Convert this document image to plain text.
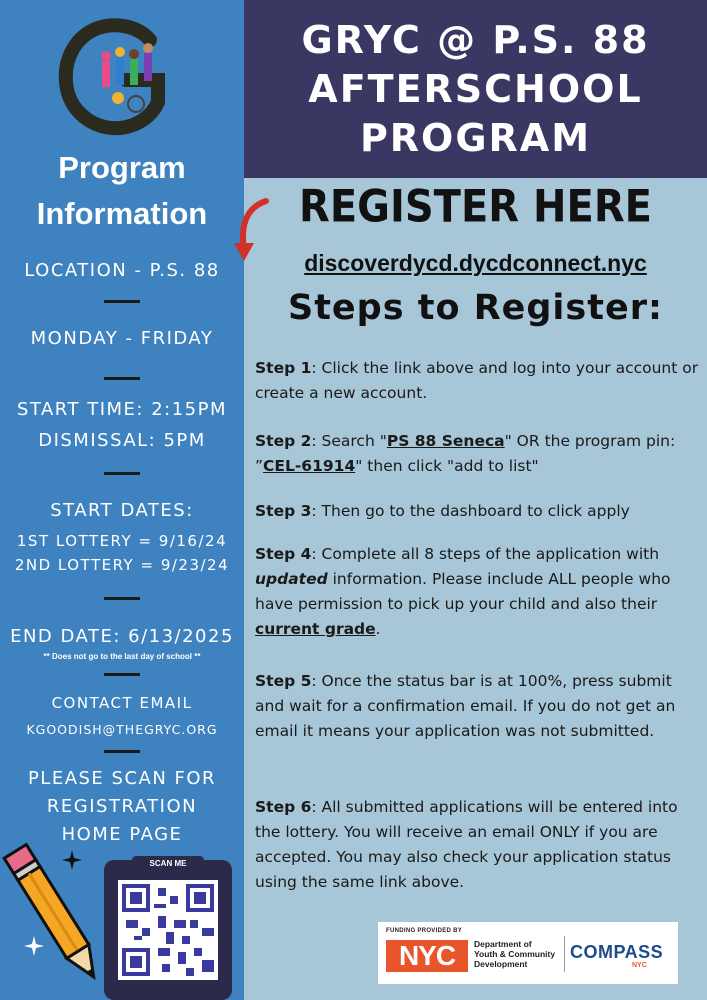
Program
Information
LOCATION - P.S. 88
MONDAY - FRIDAY
START TIME: 2:15PM
DISMISSAL: 5PM
START DATES:
1ST LOTTERY = 9/16/24
2ND LOTTERY = 9/23/24
END DATE: 6/13/2025
** Does not go to the last day of school **
CONTACT EMAIL
KGOODISH@THEGRYC.ORG
PLEASE SCAN FOR
REGISTRATION
HOME PAGE
SCAN ME
GRYC @ P.S. 88
AFTERSCHOOL
PROGRAM
REGISTER HERE
discoverdycd.dycdconnect.nyc
Steps to Register:
Step 1: Click the link above and log into your account or create a new account.
Step 2: Search "PS 88 Seneca" OR the program pin: ”CEL-61914" then click "add to list"
Step 3: Then go to the dashboard to click apply
Step 4: Complete all 8 steps of the application with updated information. Please include ALL people who have permission to pick up your child and also their current grade.
Step 5: Once the status bar is at 100%, press submit and wait for a confirmation email. If you do not get an email it means your application was not submitted.
Step 6: All submitted applications will be entered into the lottery. You will receive an email ONLY if you are accepted. You may also check your application status using the same link above.
FUNDING PROVIDED BY
NYC	Department of
Youth & Community
Development
COMPASS
NYC
